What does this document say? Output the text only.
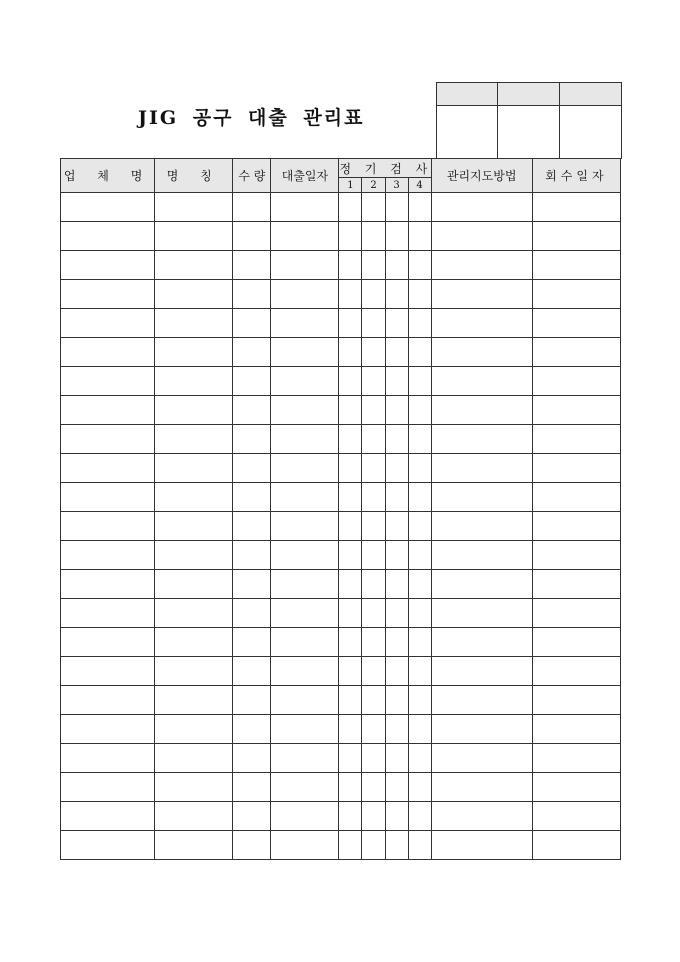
JIG 공구 대출 관리표

업 체 명	명 칭	수 량	대출일자	정 기 검 사				관리지도방법	회수일자
				1	2	3	4		
